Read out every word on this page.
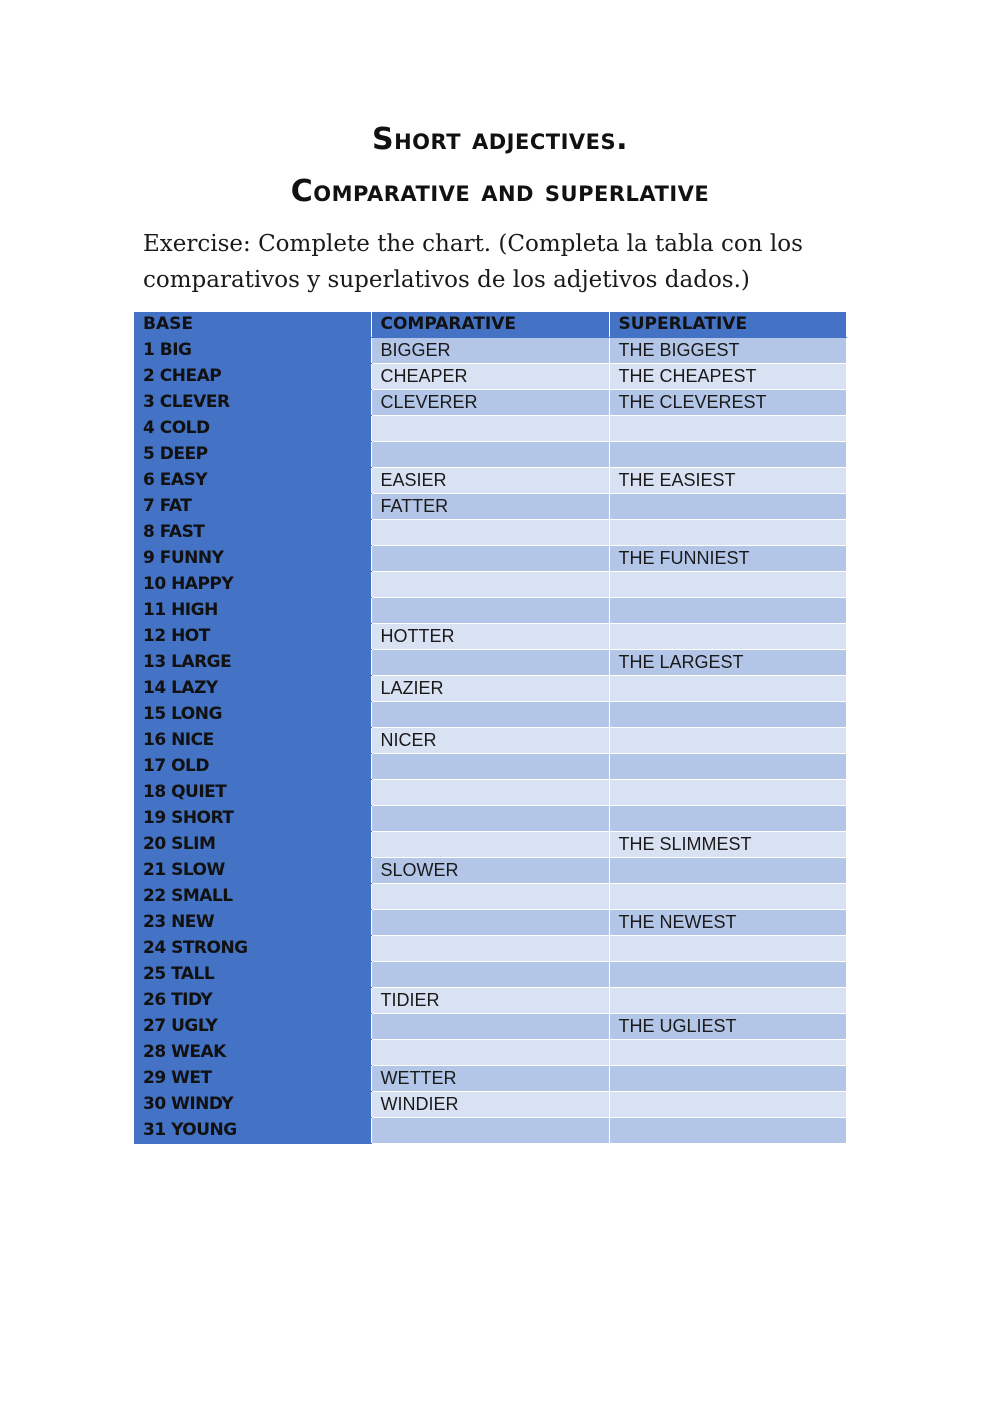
Short adjectives.
Comparative and superlative

Exercise: Complete the chart. (Completa la tabla con los comparativos y superlativos de los adjetivos dados.)

BASE	COMPARATIVE	SUPERLATIVE
1 BIG	BIGGER	THE BIGGEST
2 CHEAP	CHEAPER	THE CHEAPEST
3 CLEVER	CLEVERER	THE CLEVEREST
4 COLD		
5 DEEP		
6 EASY	EASIER	THE EASIEST
7 FAT	FATTER	
8 FAST		
9 FUNNY		THE FUNNIEST
10 HAPPY		
11 HIGH		
12 HOT	HOTTER	
13 LARGE		THE LARGEST
14 LAZY	LAZIER	
15 LONG		
16 NICE	NICER	
17 OLD		
18 QUIET		
19 SHORT		
20 SLIM		THE SLIMMEST
21 SLOW	SLOWER	
22 SMALL		
23 NEW		THE NEWEST
24 STRONG		
25 TALL		
26 TIDY	TIDIER	
27 UGLY		THE UGLIEST
28 WEAK		
29 WET	WETTER	
30 WINDY	WINDIER	
31 YOUNG		
